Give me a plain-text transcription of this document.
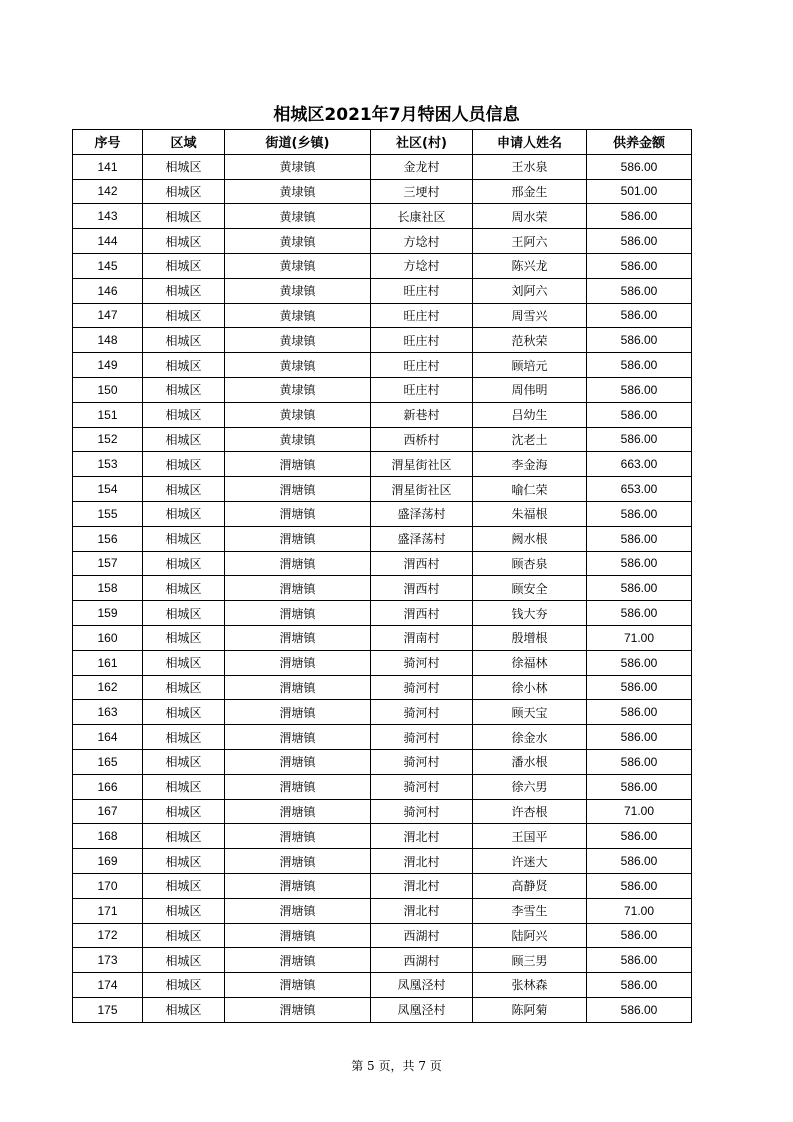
相城区2021年7月特困人员信息
序号	区域	街道(乡镇)	社区(村)	申请人姓名	供养金额
141	相城区	黄埭镇	金龙村	王水泉	586.00
142	相城区	黄埭镇	三埂村	邢金生	501.00
143	相城区	黄埭镇	长康社区	周水荣	586.00
144	相城区	黄埭镇	方埝村	王阿六	586.00
145	相城区	黄埭镇	方埝村	陈兴龙	586.00
146	相城区	黄埭镇	旺庄村	刘阿六	586.00
147	相城区	黄埭镇	旺庄村	周雪兴	586.00
148	相城区	黄埭镇	旺庄村	范秋荣	586.00
149	相城区	黄埭镇	旺庄村	顾培元	586.00
150	相城区	黄埭镇	旺庄村	周伟明	586.00
151	相城区	黄埭镇	新巷村	吕幼生	586.00
152	相城区	黄埭镇	西桥村	沈老土	586.00
153	相城区	渭塘镇	渭星街社区	李金海	663.00
154	相城区	渭塘镇	渭星街社区	喻仁荣	653.00
155	相城区	渭塘镇	盛泽荡村	朱福根	586.00
156	相城区	渭塘镇	盛泽荡村	阙水根	586.00
157	相城区	渭塘镇	渭西村	顾杏泉	586.00
158	相城区	渭塘镇	渭西村	顾安全	586.00
159	相城区	渭塘镇	渭西村	钱大夯	586.00
160	相城区	渭塘镇	渭南村	殷增根	71.00
161	相城区	渭塘镇	骑河村	徐福林	586.00
162	相城区	渭塘镇	骑河村	徐小林	586.00
163	相城区	渭塘镇	骑河村	顾天宝	586.00
164	相城区	渭塘镇	骑河村	徐金水	586.00
165	相城区	渭塘镇	骑河村	潘水根	586.00
166	相城区	渭塘镇	骑河村	徐六男	586.00
167	相城区	渭塘镇	骑河村	许杏根	71.00
168	相城区	渭塘镇	渭北村	王国平	586.00
169	相城区	渭塘镇	渭北村	许迷大	586.00
170	相城区	渭塘镇	渭北村	高静贤	586.00
171	相城区	渭塘镇	渭北村	李雪生	71.00
172	相城区	渭塘镇	西湖村	陆阿兴	586.00
173	相城区	渭塘镇	西湖村	顾三男	586.00
174	相城区	渭塘镇	凤凰泾村	张林森	586.00
175	相城区	渭塘镇	凤凰泾村	陈阿菊	586.00
第 5 页，共 7 页
